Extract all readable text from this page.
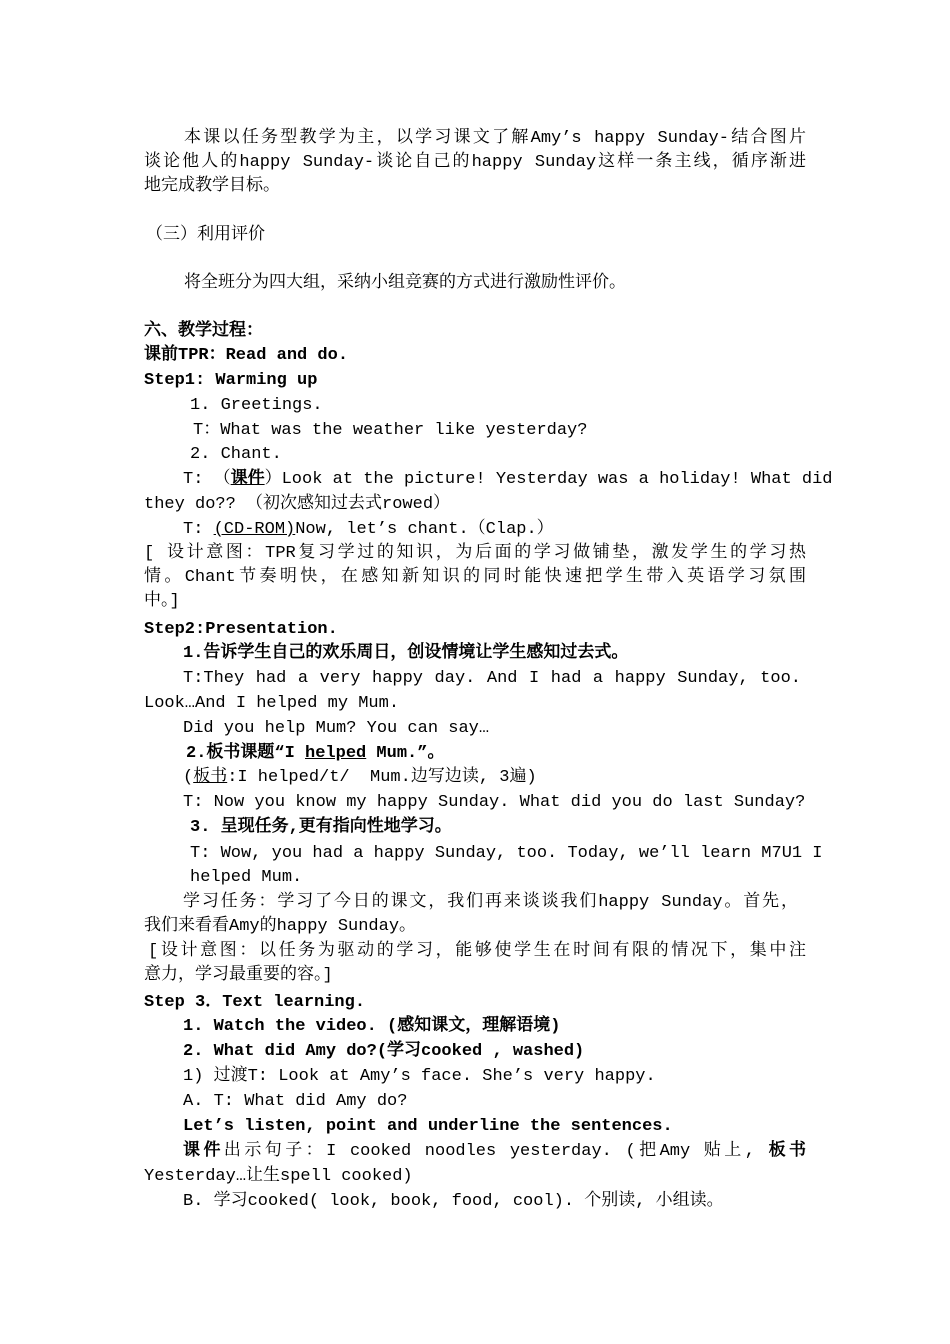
本课以任务型教学为主，以学习课文了解Amy’s happy Sunday-结合图片
谈论他人的happy Sunday-谈论自己的happy Sunday这样一条主线，循序渐进
地完成教学目标。
（三）利用评价
将全班分为四大组，采纳小组竞赛的方式进行激励性评价。
六、教学过程：
课前TPR：Read and do.
Step1: Warming up
1. Greetings.
T：What was the weather like yesterday?
2. Chant.
T: （课件）Look at the picture! Yesterday was a holiday! What did
they do?? （初次感知过去式rowed）
T: (CD-ROM)Now, let’s chant.（Clap.）
[ 设计意图：TPR复习学过的知识，为后面的学习做铺垫，激发学生的学习热
情。Chant节奏明快，在感知新知识的同时能快速把学生带入英语学习氛围
中。]
Step2:Presentation.
1.告诉学生自己的欢乐周日，创设情境让学生感知过去式。
T:They had a very happy day. And I had a happy Sunday, too.
Look…And I helped my Mum.
Did you help Mum? You can say…
2.板书课题“I helped Mum.”。
(板书:I helped/t/  Mum.边写边读, 3遍)
T: Now you know my happy Sunday. What did you do last Sunday?
3. 呈现任务,更有指向性地学习。
T: Wow, you had a happy Sunday, too. Today, we’ll learn M7U1 I
helped Mum.
学习任务：学习了今日的课文，我们再来谈谈我们happy Sunday。首先，
我们来看看Amy的happy Sunday。
[设计意图：以任务为驱动的学习，能够使学生在时间有限的情况下，集中注
意力，学习最重要的容。]
Step 3．Text learning.
1. Watch the video. (感知课文，理解语境)
2. What did Amy do?(学习cooked , washed)
1) 过渡T: Look at Amy’s face. She’s very happy.
A. T: What did Amy do?
Let’s listen, point and underline the sentences.
课件出示句子：I cooked noodles yesterday. (把Amy 贴上, 板书
Yesterday…让生spell cooked)
B. 学习cooked( look, book, food, cool). 个别读, 小组读。
